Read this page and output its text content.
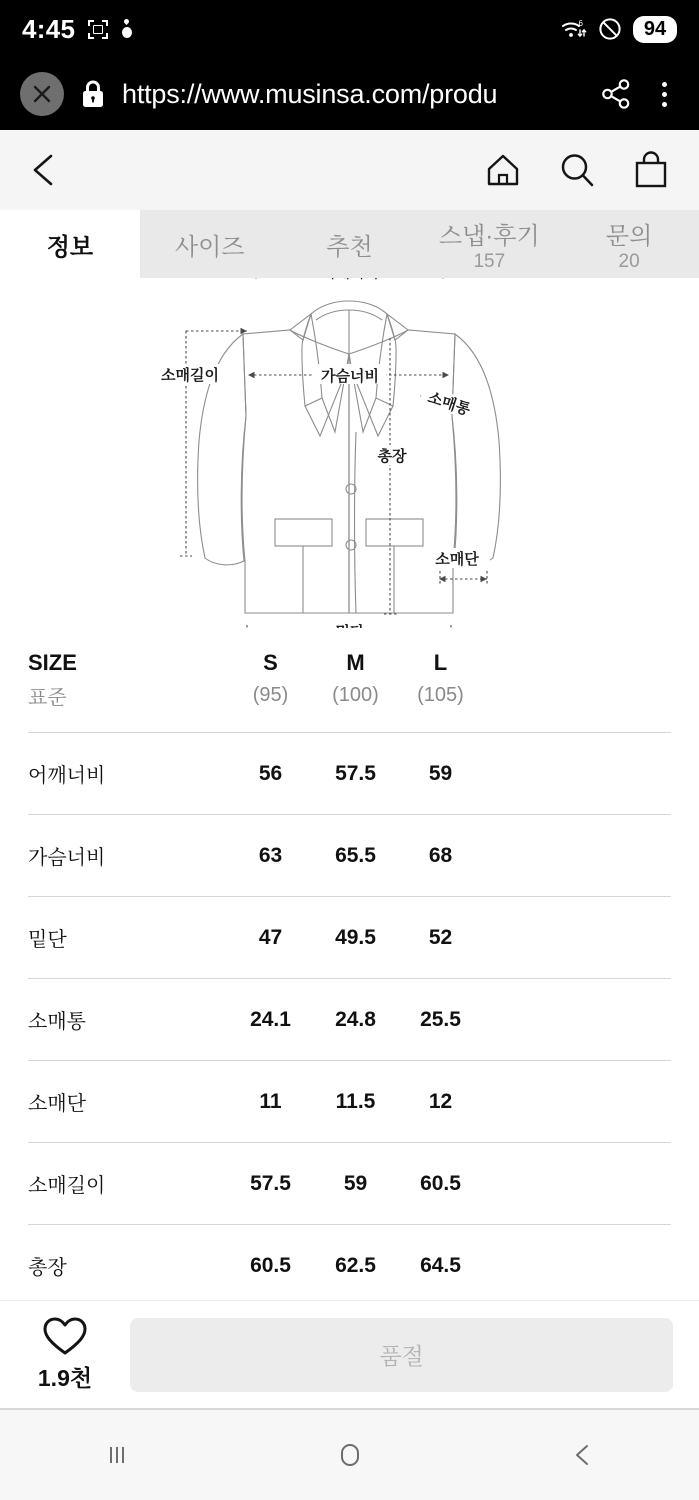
4:45	6	94
https://www.musinsa.com/produ
정보	사이즈	추천	스냅·후기
157
문의
20
소매길이	가슴너비
소매통
총장
소매단
SIZE	S	M	L	
표준	(95)	(100)	(105)	
어깨너비	56	57.5	59	
가슴너비	63	65.5	68	
밑단	47	49.5	52	
소매통	24.1	24.8	25.5	
소매단	11	11.5	12	
소매길이	57.5	59	60.5	
총장	60.5	62.5	64.5	
1.9천
품절
